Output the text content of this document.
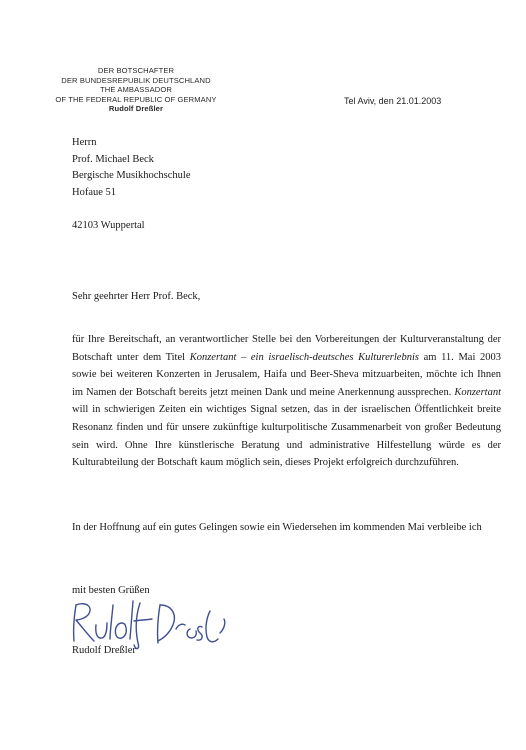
DER BOTSCHAFTER
DER BUNDESREPUBLIK DEUTSCHLAND
THE AMBASSADOR
OF THE FEDERAL REPUBLIC OF GERMANY
Rudolf Dreßler
Tel Aviv, den 21.01.2003
Herrn
Prof. Michael Beck
Bergische Musikhochschule
Hofaue 51
42103 Wuppertal
Sehr geehrter Herr Prof. Beck,
für Ihre Bereitschaft, an verantwortlicher Stelle bei den Vorbereitungen der Kulturveranstaltung der Botschaft unter dem Titel Konzertant – ein israelisch-deutsches Kulturerlebnis am 11. Mai 2003 sowie bei weiteren Konzerten in Jerusalem, Haifa und Beer-Sheva mitzuarbeiten, möchte ich Ihnen im Namen der Botschaft bereits jetzt meinen Dank und meine Anerkennung aussprechen. Konzertant will in schwierigen Zeiten ein wichtiges Signal setzen, das in der israelischen Öffentlichkeit breite Resonanz finden und für unsere zukünftige kulturpolitische Zusammenarbeit von großer Bedeutung sein wird. Ohne Ihre künstlerische Beratung und administrative Hilfestellung würde es der Kulturabteilung der Botschaft kaum möglich sein, dieses Projekt erfolgreich durchzuführen.
In der Hoffnung auf ein gutes Gelingen sowie ein Wiedersehen im kommenden Mai verbleibe ich
mit besten Grüßen
Rudolf Dreßler
Rudolf Dreßler
